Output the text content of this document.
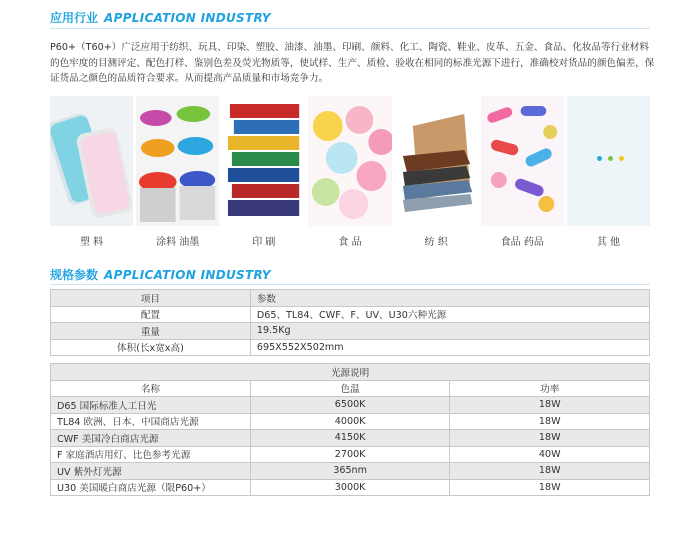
应用行业 APPLICATION INDUSTRY
P60+（T60+）广泛应用于纺织、玩具、印染、塑胶、油漆、油墨、印刷、颜料、化工、陶瓷、鞋业、皮革、五金、食品、化妆品等行业材料的色牢度的目测评定、配色打样、鉴别色差及荧光物质等，使试样、生产、质检、验收在相同的标准光源下进行，准确校对货品的颜色偏差，保证货品之颜色的品质符合要求。从而提高产品质量和市场竞争力。
塑 料	涂料 油墨	印 刷	食 品	纺 织	食品 药品	其 他
规格参数 APPLICATION INDUSTRY
项目	参数	
配置	D65、TL84、CWF、F、UV、U30六种光源	
重量	19.5Kg	
体积(长x宽x高)	695X552X502mm	

光源说明		
名称	色温	功率
D65 国际标准人工日光	6500K	18W
TL84 欧洲、日本、中国商店光源	4000K	18W
CWF 美国冷白商店光源	4150K	18W
F 家庭酒店用灯、比色参考光源	2700K	40W
UV 紫外灯光源	365nm	18W
U30 美国暖白商店光源（限P60+）	3000K	18W
